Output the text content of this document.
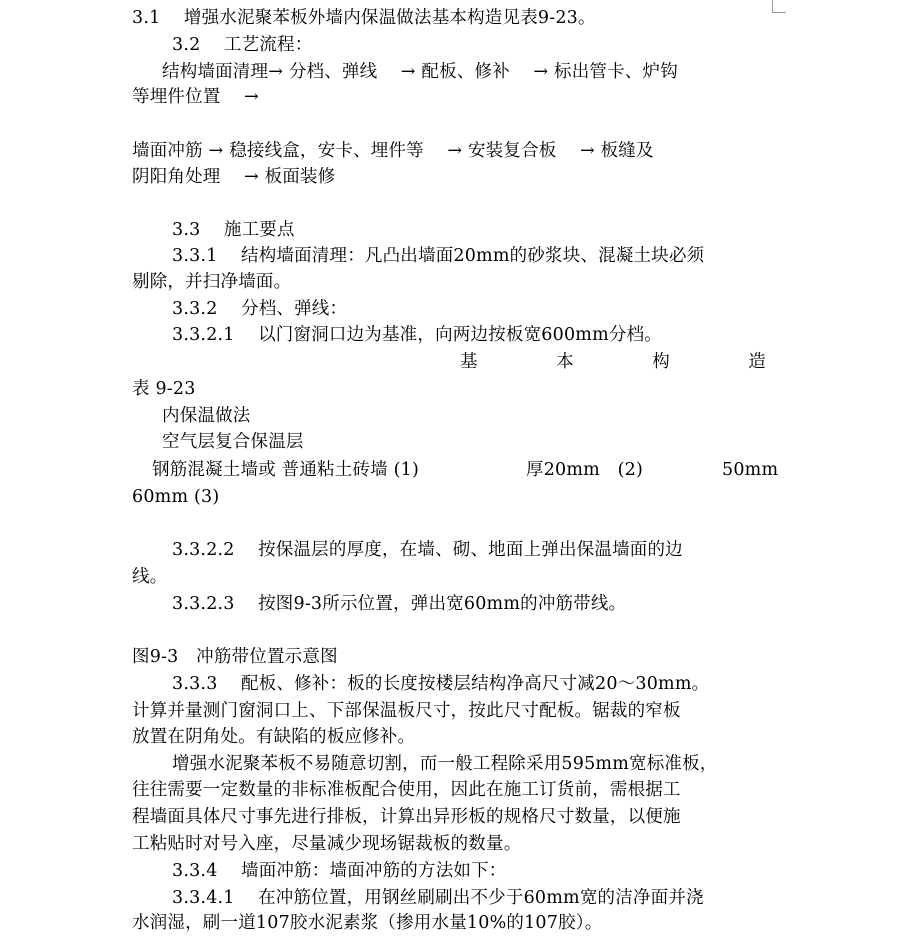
3.1　 增强水泥聚苯板外墙内保温做法基本构造见表9-23。
3.2　 工艺流程：
结构墙面清理→ 分档、弹线　 → 配板、修补　 → 标出管卡、炉钩
等埋件位置　 →
墙面冲筋 → 稳接线盒，安卡、埋件等　 → 安装复合板　 → 板缝及
阴阳角处理　 → 板面装修
3.3　 施工要点
3.3.1　 结构墙面清理：凡凸出墙面20mm的砂浆块、混凝土块必须
剔除，并扫净墙面。
3.3.2　 分档、弹线：
3.3.2.1　 以门窗洞口边为基准，向两边按板宽600mm分档。
基	本	构	造
表 9-23
内保温做法
空气层复合保温层
钢筋混凝土墙或 普通粘土砖墙 (1)	厚20mm　(2)	50mm
60mm (3)
3.3.2.2　 按保温层的厚度，在墙、砌、地面上弹出保温墙面的边
线。
3.3.2.3　 按图9-3所示位置，弹出宽60mm的冲筋带线。
图9-3　冲筋带位置示意图
3.3.3　 配板、修补：板的长度按楼层结构净高尺寸减20～30mm。
计算并量测门窗洞口上、下部保温板尺寸，按此尺寸配板。锯裁的窄板
放置在阴角处。有缺陷的板应修补。
增强水泥聚苯板不易随意切割，而一般工程除采用595mm宽标准板，
往往需要一定数量的非标准板配合使用，因此在施工订货前，需根据工
程墙面具体尺寸事先进行排板，计算出异形板的规格尺寸数量，以便施
工粘贴时对号入座，尽量减少现场锯裁板的数量。
3.3.4　 墙面冲筋：墙面冲筋的方法如下：
3.3.4.1　 在冲筋位置，用钢丝刷刷出不少于60mm宽的洁净面并浇
水润湿，刷一道107胶水泥素浆（掺用水量10%的107胶）。
